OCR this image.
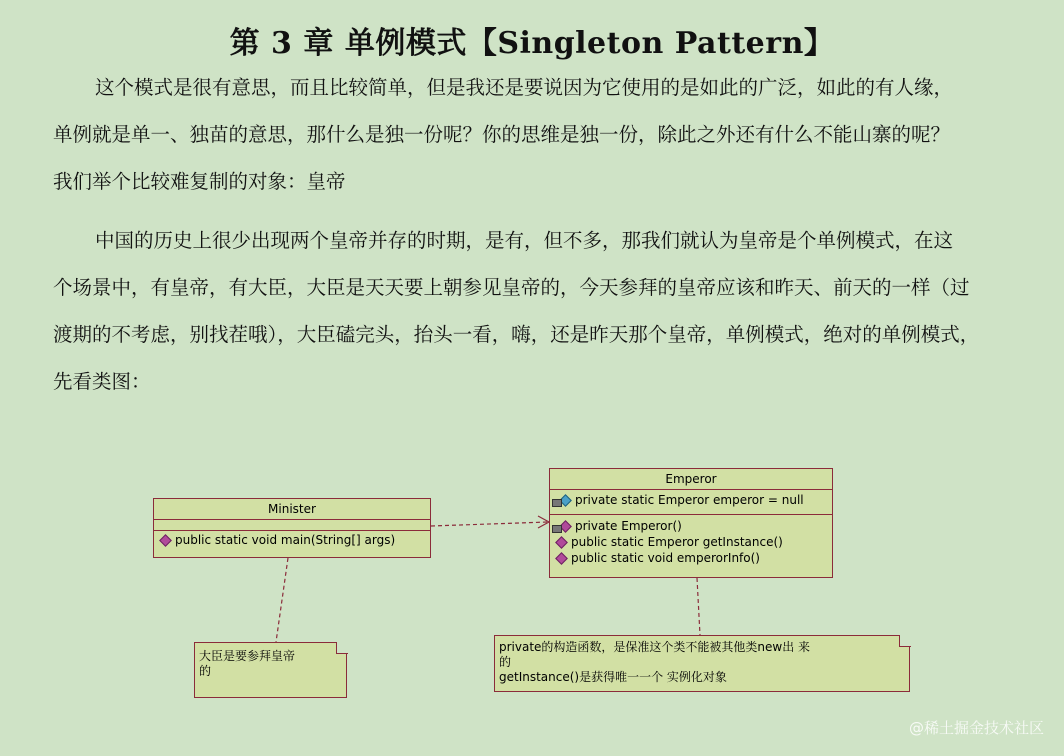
第 3 章 单例模式【Singleton Pattern】
这个模式是很有意思，而且比较简单，但是我还是要说因为它使用的是如此的广泛，如此的有人缘，
单例就是单一、独苗的意思，那什么是独一份呢？你的思维是独一份，除此之外还有什么不能山寨的呢？
我们举个比较难复制的对象：皇帝
中国的历史上很少出现两个皇帝并存的时期，是有，但不多，那我们就认为皇帝是个单例模式，在这
个场景中，有皇帝，有大臣，大臣是天天要上朝参见皇帝的，今天参拜的皇帝应该和昨天、前天的一样（过
渡期的不考虑，别找茬哦），大臣磕完头，抬头一看，嗨，还是昨天那个皇帝，单例模式，绝对的单例模式，
先看类图：
Minister
public static void main(String[] args)
Emperor
private static Emperor emperor = null
private Emperor()
public static Emperor getInstance()
public static void emperorInfo()
大臣是要参拜皇帝
的
private的构造函数，是保准这个类不能被其他类new出 来
的
getInstance()是获得唯一一个 实例化对象
@稀土掘金技术社区
